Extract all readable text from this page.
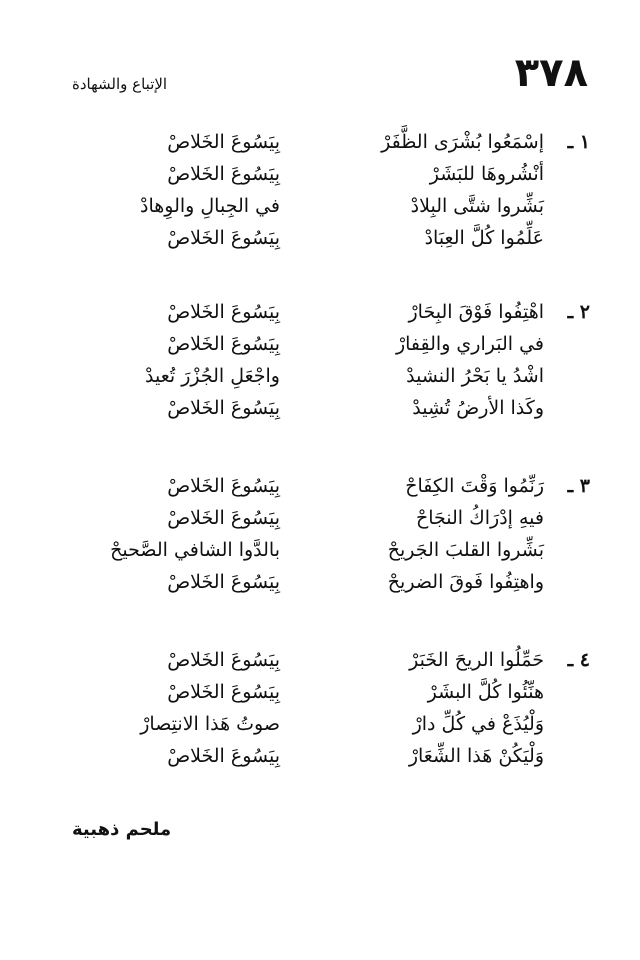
٣٧٨
الإتباع والشهادة
١ ـ
إسْمَعُوا بُشْرَى الظَّفَرْ
بِيَسُوعَ الخَلاصْ
أنْشُروهَا للبَشَرْ
بِيَسُوعَ الخَلاصْ
بَشِّروا شتَّى البِلادْ
في الجِبالِ والوِهادْ
عَلِّمُوا كُلَّ العِبَادْ
بِيَسُوعَ الخَلاصْ
٢ ـ
اهْتِفُوا فَوْقَ البِحَارْ
بِيَسُوعَ الخَلاصْ
في البَراري والقِفارْ
بِيَسُوعَ الخَلاصْ
اشْدُ يا بَحْرُ النشيدْ
واجْعَلِ الجُزْرَ تُعيدْ
وكَذا الأرضُ تُشِيدْ
بِيَسُوعَ الخَلاصْ
٣ ـ
رَنِّمُوا وَقْتَ الكِفَاحْ
بِيَسُوعَ الخَلاصْ
فيهِ إدْرَاكُ النجَاحْ
بِيَسُوعَ الخَلاصْ
بَشِّروا القلبَ الجَريحْ
بالدَّوا الشافي الصَّحيحْ
واهتِفُوا فَوقَ الضريحْ
بِيَسُوعَ الخَلاصْ
٤ ـ
حَمِّلُوا الريحَ الخَبَرْ
بِيَسُوعَ الخَلاصْ
هنِّئُوا كُلَّ البشَرْ
بِيَسُوعَ الخَلاصْ
وَلْيُذَعْ في كُلِّ دارْ
صوتُ هَذا الانتِصارْ
وَلْيَكُنْ هَذا الشِّعَارْ
بِيَسُوعَ الخَلاصْ
ملحم ذهبية
